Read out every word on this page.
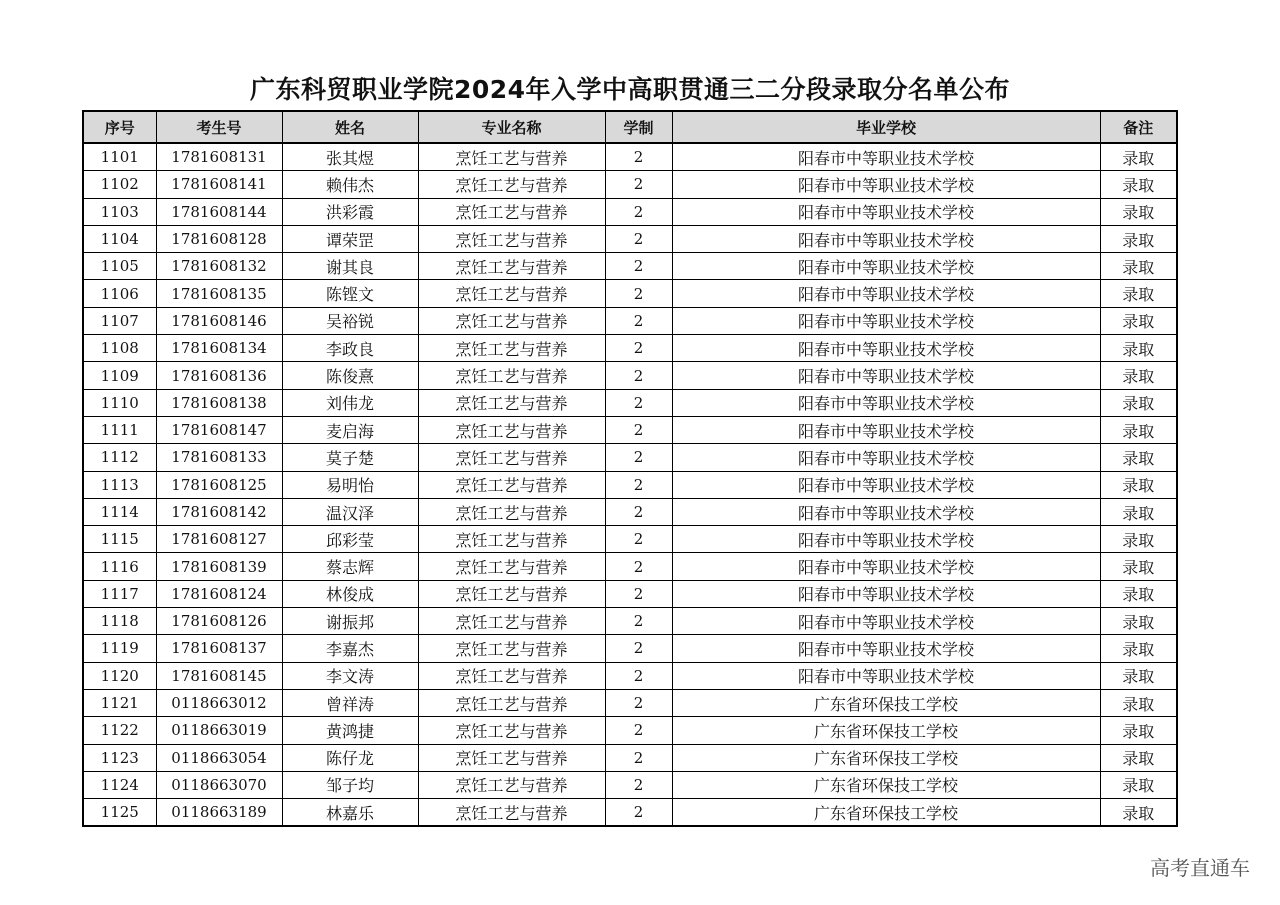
广东科贸职业学院2024年入学中高职贯通三二分段录取分名单公布
序号	考生号	姓名	专业名称	学制	毕业学校	备注
1101	1781608131	张其煜	烹饪工艺与营养	2	阳春市中等职业技术学校	录取
1102	1781608141	赖伟杰	烹饪工艺与营养	2	阳春市中等职业技术学校	录取
1103	1781608144	洪彩霞	烹饪工艺与营养	2	阳春市中等职业技术学校	录取
1104	1781608128	谭荣罡	烹饪工艺与营养	2	阳春市中等职业技术学校	录取
1105	1781608132	谢其良	烹饪工艺与营养	2	阳春市中等职业技术学校	录取
1106	1781608135	陈铿文	烹饪工艺与营养	2	阳春市中等职业技术学校	录取
1107	1781608146	吴裕锐	烹饪工艺与营养	2	阳春市中等职业技术学校	录取
1108	1781608134	李政良	烹饪工艺与营养	2	阳春市中等职业技术学校	录取
1109	1781608136	陈俊熹	烹饪工艺与营养	2	阳春市中等职业技术学校	录取
1110	1781608138	刘伟龙	烹饪工艺与营养	2	阳春市中等职业技术学校	录取
1111	1781608147	麦启海	烹饪工艺与营养	2	阳春市中等职业技术学校	录取
1112	1781608133	莫子楚	烹饪工艺与营养	2	阳春市中等职业技术学校	录取
1113	1781608125	易明怡	烹饪工艺与营养	2	阳春市中等职业技术学校	录取
1114	1781608142	温汉泽	烹饪工艺与营养	2	阳春市中等职业技术学校	录取
1115	1781608127	邱彩莹	烹饪工艺与营养	2	阳春市中等职业技术学校	录取
1116	1781608139	蔡志辉	烹饪工艺与营养	2	阳春市中等职业技术学校	录取
1117	1781608124	林俊成	烹饪工艺与营养	2	阳春市中等职业技术学校	录取
1118	1781608126	谢振邦	烹饪工艺与营养	2	阳春市中等职业技术学校	录取
1119	1781608137	李嘉杰	烹饪工艺与营养	2	阳春市中等职业技术学校	录取
1120	1781608145	李文涛	烹饪工艺与营养	2	阳春市中等职业技术学校	录取
1121	0118663012	曾祥涛	烹饪工艺与营养	2	广东省环保技工学校	录取
1122	0118663019	黄鸿捷	烹饪工艺与营养	2	广东省环保技工学校	录取
1123	0118663054	陈仔龙	烹饪工艺与营养	2	广东省环保技工学校	录取
1124	0118663070	邹子均	烹饪工艺与营养	2	广东省环保技工学校	录取
1125	0118663189	林嘉乐	烹饪工艺与营养	2	广东省环保技工学校	录取
高考直通车
